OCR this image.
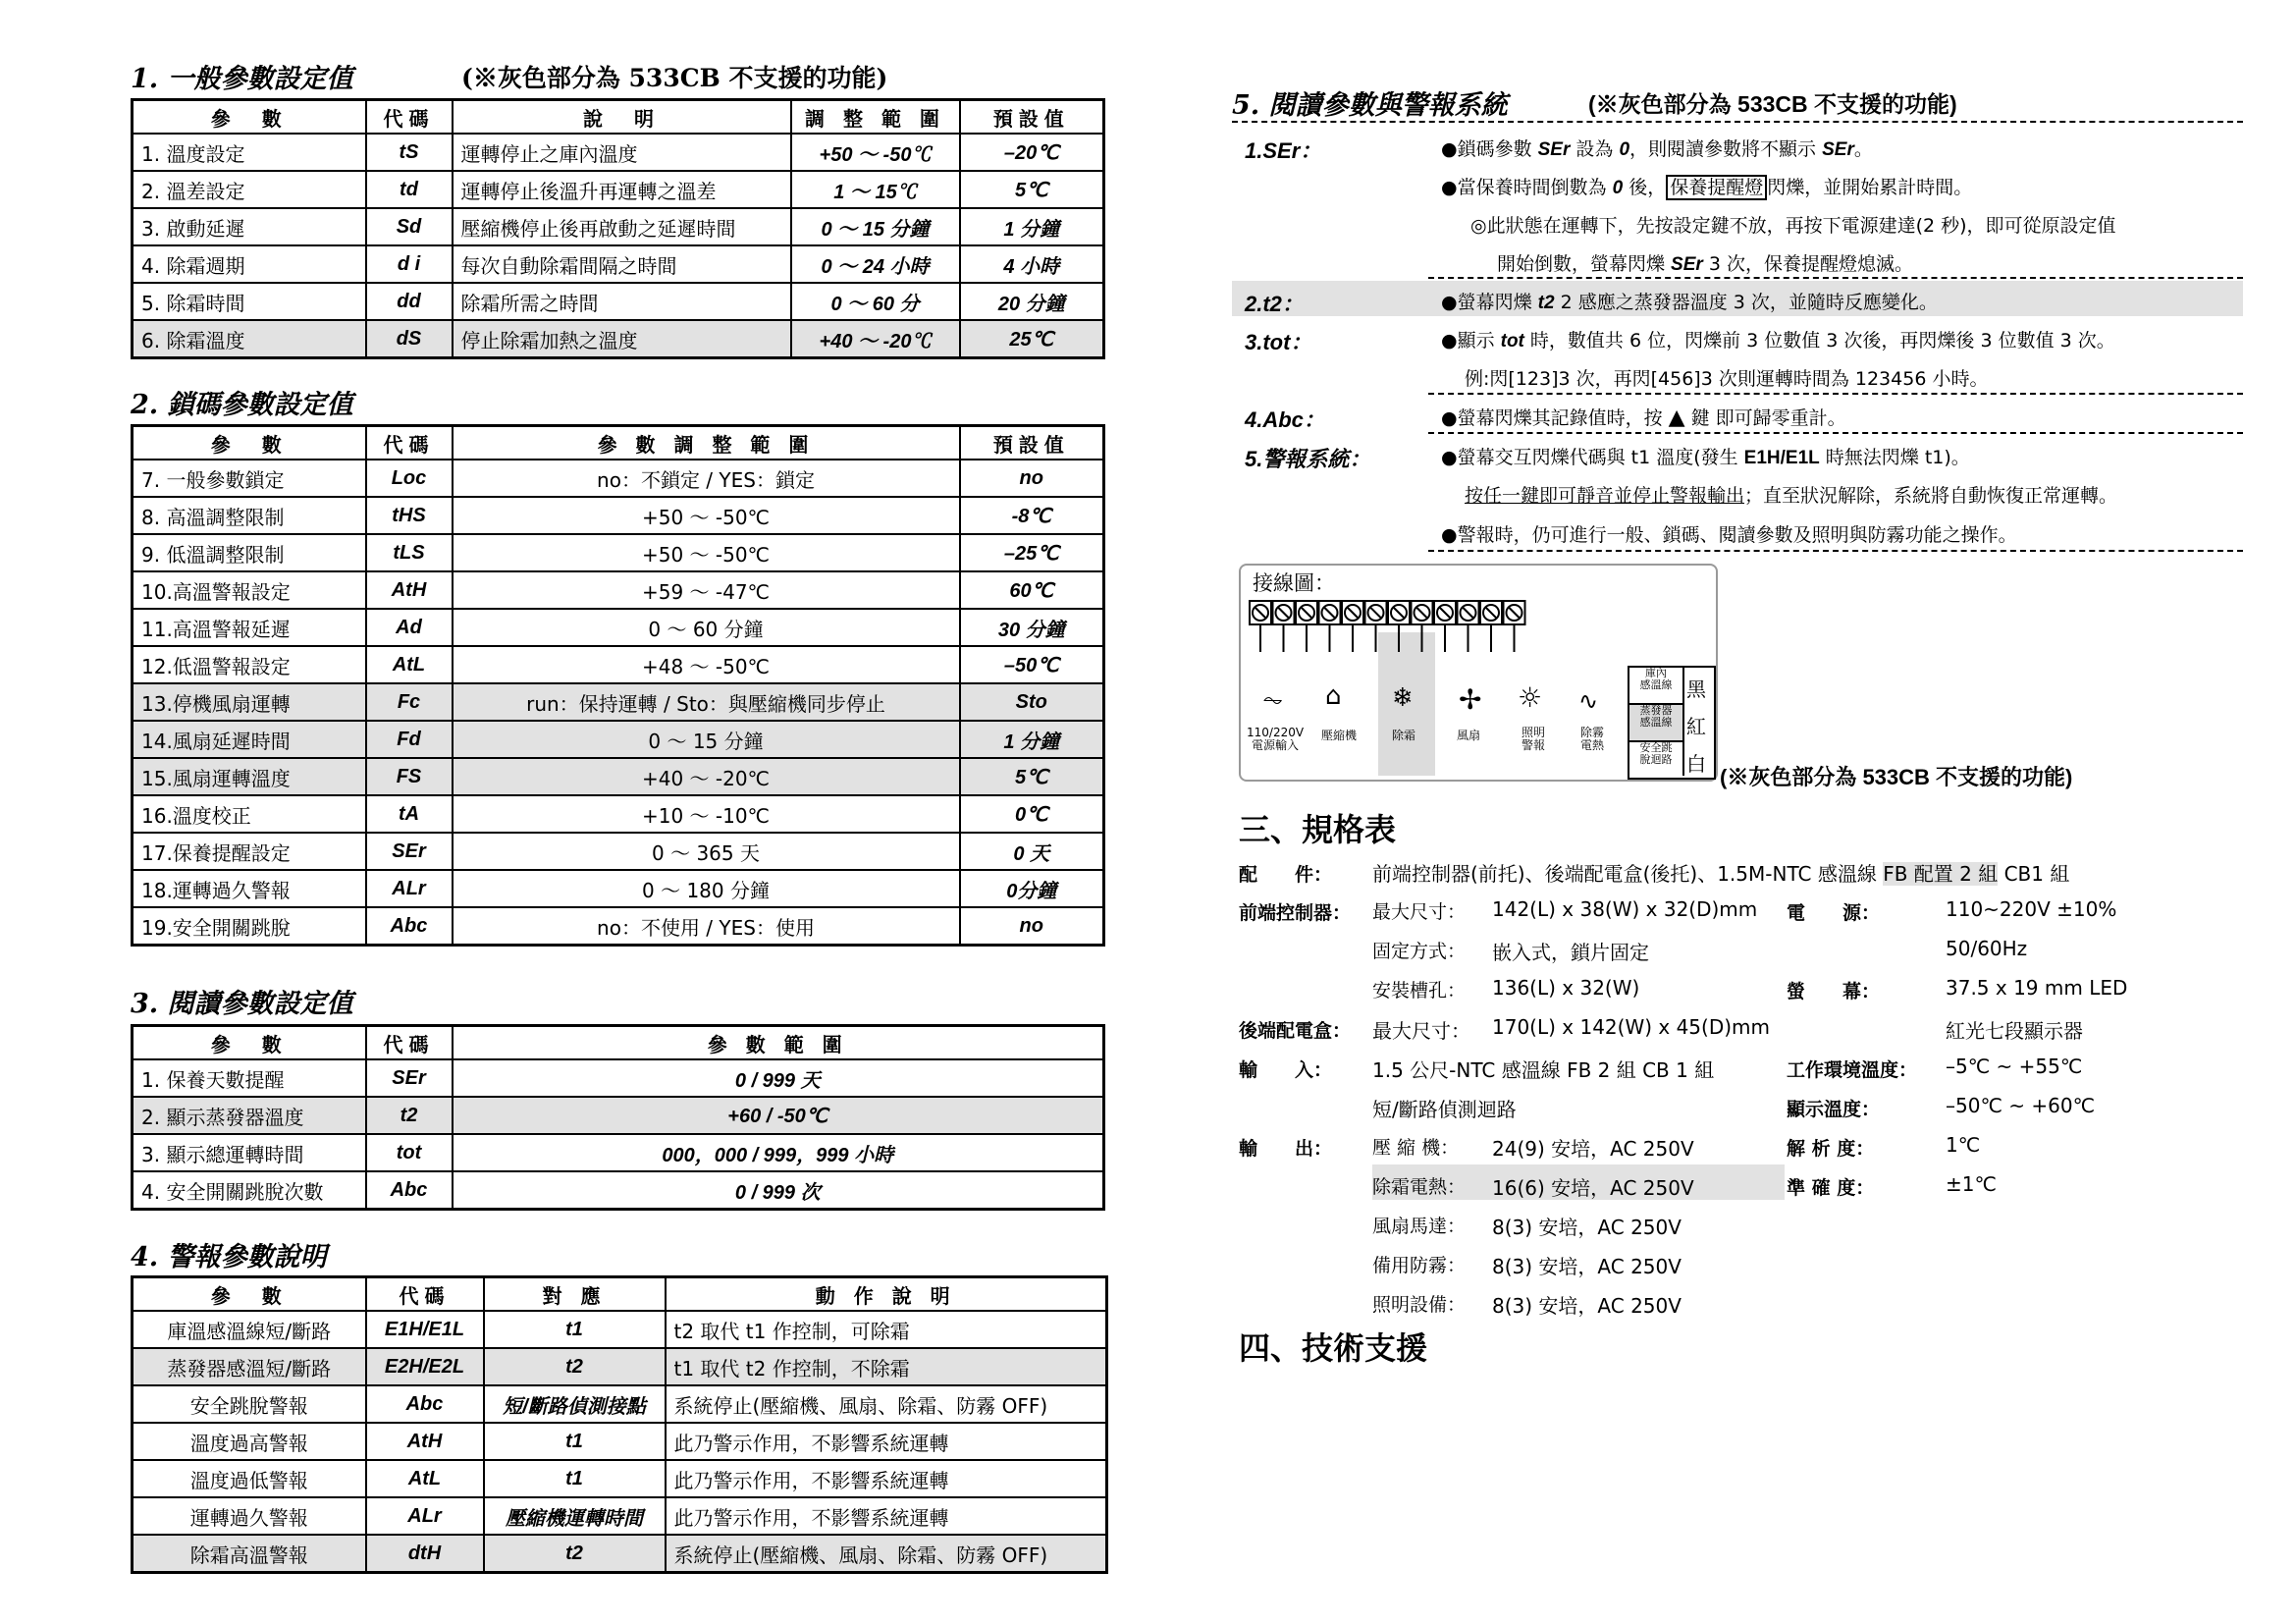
1. 一般參數設定值	(※灰色部分為 533CB 不支援的功能)
參　數	代碼	說　明	調 整 範 圍	預設值
1. 溫度設定	tS	運轉停止之庫內溫度	+50 ～ -50℃	–20℃
2. 溫差設定	td	運轉停止後溫升再運轉之溫差	1 ～ 15℃	5℃
3. 啟動延遲	Sd	壓縮機停止後再啟動之延遲時間	0 ～ 15 分鐘	1 分鐘
4. 除霜週期	d i	每次自動除霜間隔之時間	0 ～ 24 小時	4 小時
5. 除霜時間	dd	除霜所需之時間	0 ～ 60 分	20 分鐘
6. 除霜溫度	dS	停止除霜加熱之溫度	+40 ～ -20℃	25℃
2. 鎖碼參數設定值
參　數	代碼	參 數 調 整 範 圍	預設值
7. 一般參數鎖定	Loc	no：不鎖定 / YES：鎖定	no
8. 高溫調整限制	tHS	+50 ～ -50℃	-8℃
9. 低溫調整限制	tLS	+50 ～ -50℃	–25℃
10.高溫警報設定	AtH	+59 ～ -47℃	60℃
11.高溫警報延遲	Ad	0 ～ 60 分鐘	30 分鐘
12.低溫警報設定	AtL	+48 ～ -50℃	–50℃
13.停機風扇運轉	Fc	run：保持運轉 / Sto：與壓縮機同步停止	Sto
14.風扇延遲時間	Fd	0 ～ 15 分鐘	1 分鐘
15.風扇運轉溫度	FS	+40 ～ -20℃	5℃
16.溫度校正	tA	+10 ～ -10℃	0℃
17.保養提醒設定	SEr	0 ～ 365 天	0 天
18.運轉過久警報	ALr	0 ～ 180 分鐘	0分鐘
19.安全開關跳脫	Abc	no：不使用 / YES：使用	no
3. 閱讀參數設定值
參　數	代碼	參 數 範 圍
1. 保養天數提醒	SEr	0 / 999 天
2. 顯示蒸發器溫度	t2	+60 / -50℃
3. 顯示總運轉時間	tot	000，000 / 999，999 小時
4. 安全開關跳脫次數	Abc	0 / 999 次
4. 警報參數說明
參　數	代碼	對 應	動 作 說 明
庫溫感溫線短/斷路	E1H/E1L	t1	t2 取代 t1 作控制，可除霜
蒸發器感溫短/斷路	E2H/E2L	t2	t1 取代 t2 作控制，不除霜
安全跳脫警報	Abc	短/斷路偵測接點	系統停止(壓縮機、風扇、除霜、防霧 OFF)
溫度過高警報	AtH	t1	此乃警示作用，不影響系統運轉
溫度過低警報	AtL	t1	此乃警示作用，不影響系統運轉
運轉過久警報	ALr	壓縮機運轉時間	此乃警示作用，不影響系統運轉
除霜高溫警報	dtH	t2	系統停止(壓縮機、風扇、除霜、防霧 OFF)
5. 閱讀參數與警報系統	(※灰色部分為 533CB 不支援的功能)
1.SEr：	●鎖碼參數 SEr 設為 0，則閱讀參數將不顯示 SEr。
●當保養時間倒數為 0 後， 保養提醒燈 閃爍，並開始累計時間。
◎此狀態在運轉下，先按設定鍵不放，再按下電源建達(2 秒)，即可從原設定值
開始倒數，螢幕閃爍 SEr 3 次，保養提醒燈熄滅。
2.t2：	●螢幕閃爍 t2 2 感應之蒸發器溫度 3 次，並隨時反應變化。
3.tot：	●顯示 tot 時，數值共 6 位，閃爍前 3 位數值 3 次後，再閃爍後 3 位數值 3 次。
例:閃[123]3 次，再閃[456]3 次則運轉時間為 123456 小時。
4.Abc：	●螢幕閃爍其記錄值時，按 ▲ 鍵 即可歸零重計。
5.警報系統：	●螢幕交互閃爍代碼與 t1 溫度(發生 E1H/E1L 時無法閃爍 t1)。
按任一鍵即可靜音並停止警報輸出；直至狀況解除，系統將自動恢復正常運轉。
●警報時，仍可進行一般、鎖碼、閱讀參數及照明與防霧功能之操作。
接線圖：
⏦ ⌂ ❄ ✢ ☼ ∿
110/220V
電源輸入
壓縮機	除霜	風扇	照明
警報
除霧
電熱
庫內
感溫線
蒸發器
感溫線
安全跳
脫迴路
黑
紅
白
(※灰色部分為 533CB 不支援的功能)
三、規格表
配　　件： 前端控制器(前托)、後端配電盒(後托)、1.5M-NTC 感溫線 FB 配置 2 組 CB1 組
前端控制器： 最大尺寸： 142(L) x 38(W) x 32(D)mm
固定方式： 嵌入式，鎖片固定
安裝槽孔： 136(L) x 32(W)
後端配電盒： 最大尺寸： 170(L) x 142(W) x 45(D)mm
輸　　入： 1.5 公尺-NTC 感溫線 FB 2 組 CB 1 組
短/斷路偵測迴路
輸　　出： 壓 縮 機： 24(9) 安培，AC 250V
除霜電熱： 16(6) 安培，AC 250V
風扇馬達： 8(3) 安培，AC 250V
備用防霧： 8(3) 安培，AC 250V
照明設備： 8(3) 安培，AC 250V
電　　源：	110~220V ±10%
50/60Hz
螢　　幕：	37.5 x 19 mm LED
紅光七段顯示器
工作環境溫度： –5℃ ~ +55℃
顯示溫度：	–50℃ ~ +60℃
解 析 度：	1℃
準 確 度：	±1℃
四、技術支援
